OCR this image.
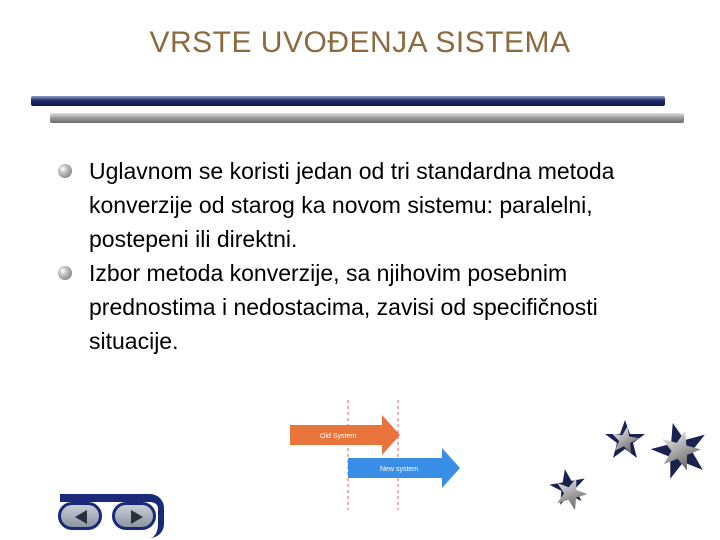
VRSTE UVOĐENJA SISTEMA
Uglavnom se koristi jedan od tri standardna metoda konverzije od starog ka novom sistemu: paralelni, postepeni ili direktni.
Izbor metoda konverzije, sa njihovim posebnim prednostima i nedostacima, zavisi od specifičnosti situacije.
Old System
New system
